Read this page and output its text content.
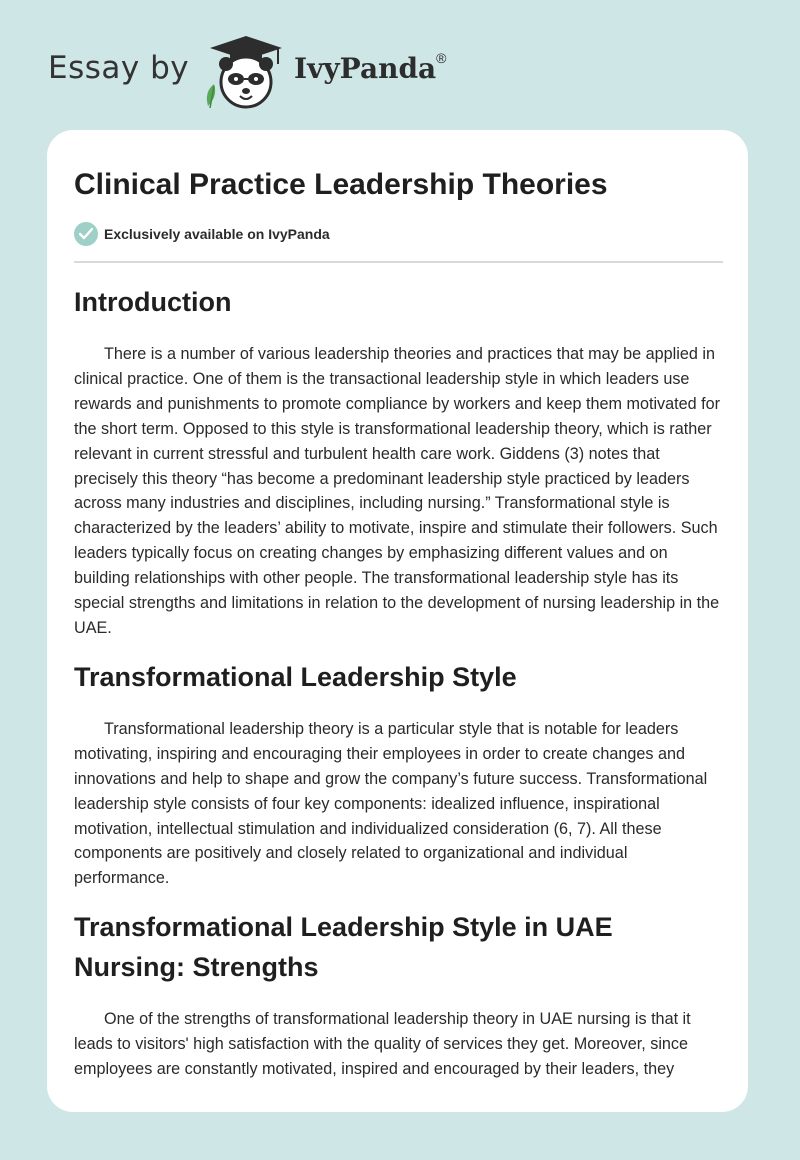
Essay by	IvyPanda®
Clinical Practice Leadership Theories
Exclusively available on IvyPanda
Introduction

There is a number of various leadership theories and practices that may be applied in clinical practice. One of them is the transactional leadership style in which leaders use rewards and punishments to promote compliance by workers and keep them motivated for the short term. Opposed to this style is transformational leadership theory, which is rather relevant in current stressful and turbulent health care work. Giddens (3) notes that precisely this theory “has become a predominant leadership style practiced by leaders across many industries and disciplines, including nursing.” Transformational style is characterized by the leaders’ ability to motivate, inspire and stimulate their followers. Such leaders typically focus on creating changes by emphasizing different values and on building relationships with other people. The transformational leadership style has its special strengths and limitations in relation to the development of nursing leadership in the UAE.

Transformational Leadership Style

Transformational leadership theory is a particular style that is notable for leaders motivating, inspiring and encouraging their employees in order to create changes and innovations and help to shape and grow the company’s future success. Transformational leadership style consists of four key components: idealized influence, inspirational motivation, intellectual stimulation and individualized consideration (6, 7). All these components are positively and closely related to organizational and individual performance.

Transformational Leadership Style in UAE Nursing: Strengths

One of the strengths of transformational leadership theory in UAE nursing is that it leads to visitors' high satisfaction with the quality of services they get. Moreover, since employees are constantly motivated, inspired and encouraged by their leaders, they
